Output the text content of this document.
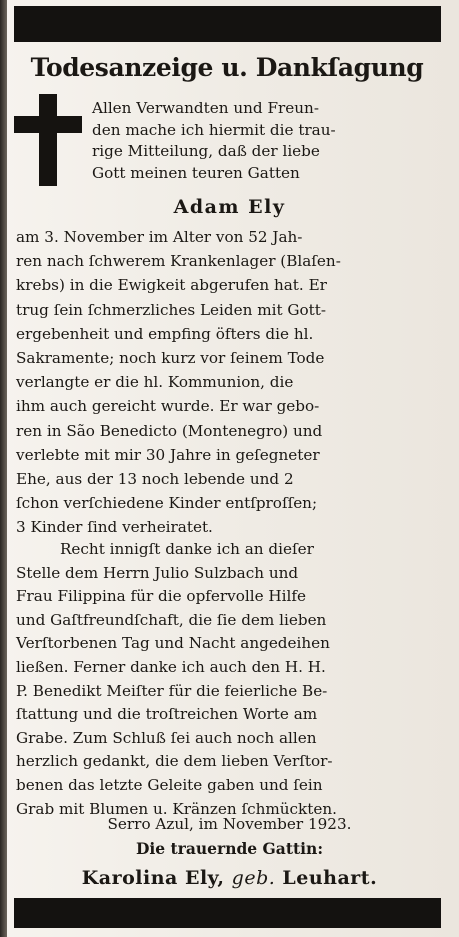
Todesanzeige u. Dankſagung
Allen Verwandten und Freun-
den mache ich hiermit die trau-
rige Mitteilung, daß der liebe
Gott meinen teuren Gatten
Adam Ely
am 3. November im Alter von 52 Jah-
ren nach ſchwerem Krankenlager (Blaſen-
krebs) in die Ewigkeit abgerufen hat. Er
trug ſein ſchmerzliches Leiden mit Gott-
ergebenheit und empfing öfters die hl.
Sakramente; noch kurz vor ſeinem Tode
verlangte er die hl. Kommunion, die
ihm auch gereicht wurde. Er war gebo-
ren in São Benedicto (Montenegro) und
verlebte mit mir 30 Jahre in geſegneter
Ehe, aus der 13 noch lebende und 2
ſchon verſchiedene Kinder entſproſſen;
3 Kinder ſind verheiratet.
Recht innigſt danke ich an dieſer
Stelle dem Herrn Julio Sulzbach und
Frau Filippina für die opfervolle Hilfe
und Gaſtfreundſchaft, die ſie dem lieben
Verſtorbenen Tag und Nacht angedeihen
ließen. Ferner danke ich auch den H. H.
P. Benedikt Meiſter für die feierliche Be-
ſtattung und die troſtreichen Worte am
Grabe. Zum Schluß ſei auch noch allen
herzlich gedankt, die dem lieben Verſtor-
benen das letzte Geleite gaben und ſein
Grab mit Blumen u. Kränzen ſchmückten.
Serro Azul, im November 1923.
Die trauernde Gattin:
Karolina Ely, geb. Leuhart.
